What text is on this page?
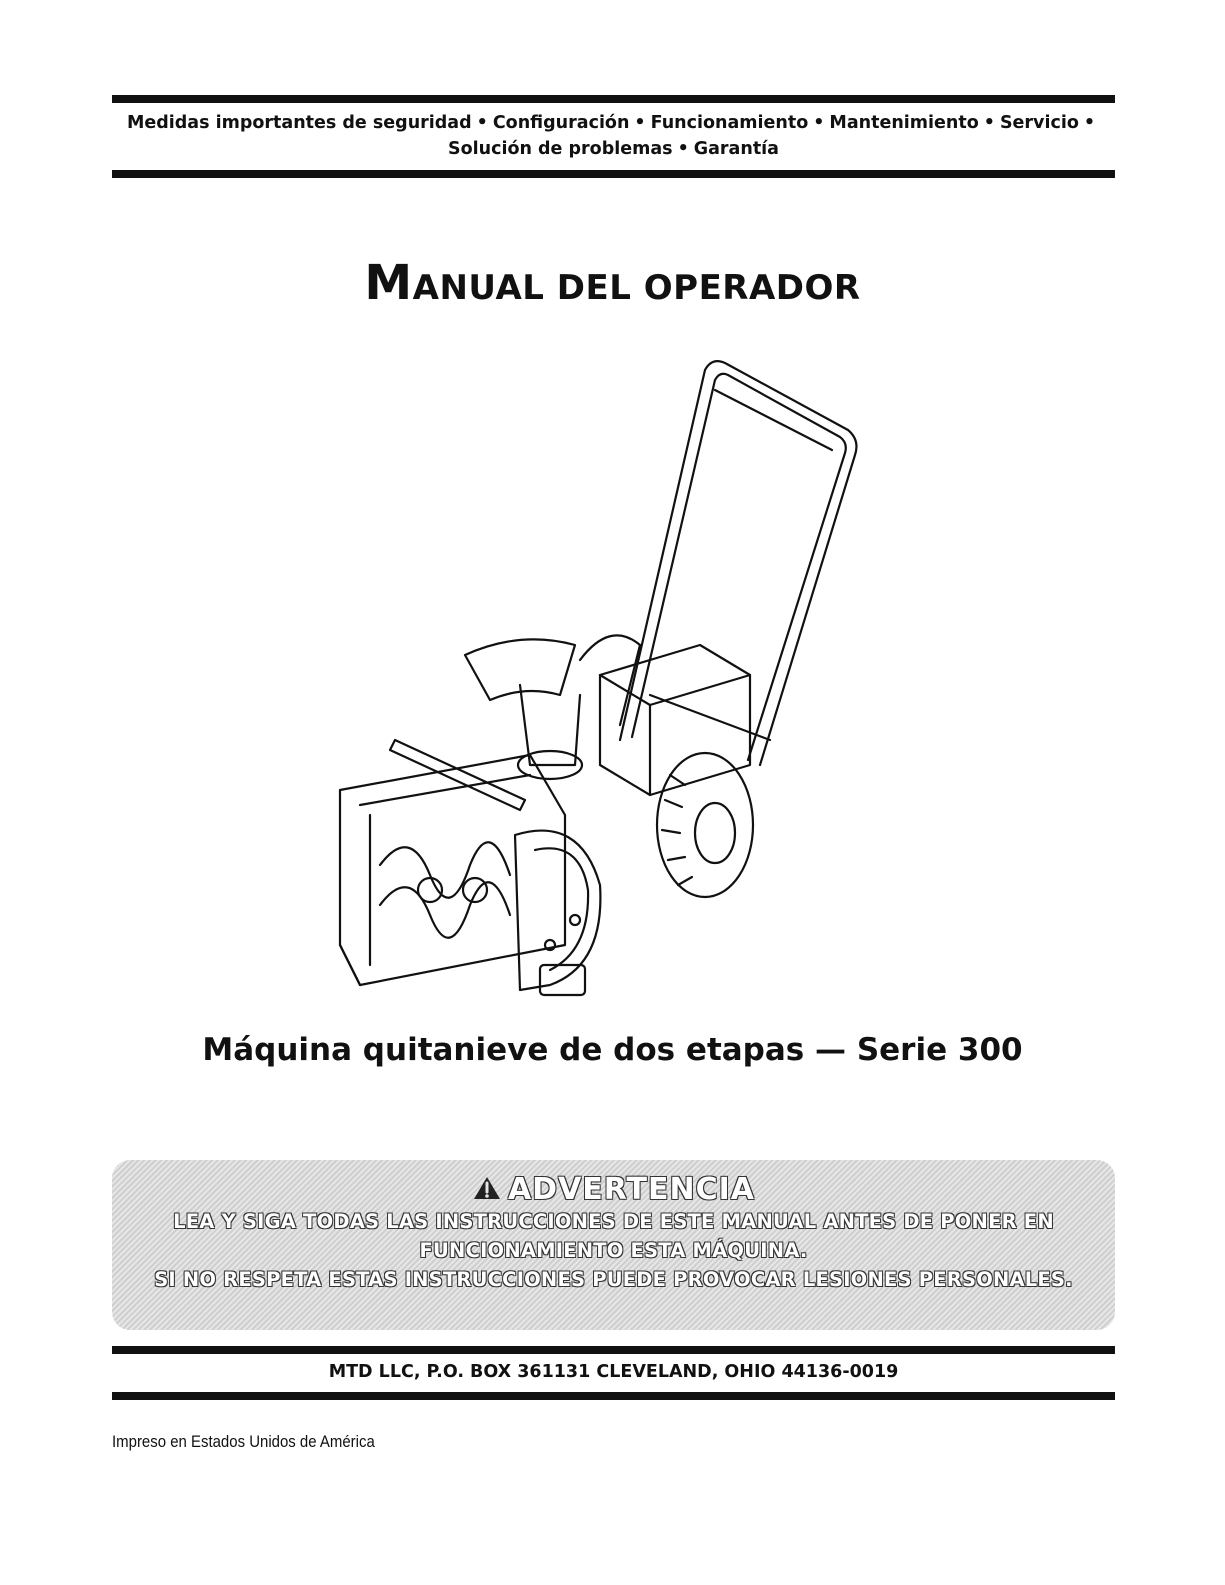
Medidas importantes de seguridad • Configuración • Funcionamiento • Mantenimiento • Servicio •
Solución de problemas • Garantía
MANUAL DEL OPERADOR
Máquina quitanieve de dos etapas — Serie 300
ADVERTENCIA
LEA Y SIGA TODAS LAS INSTRUCCIONES DE ESTE MANUAL ANTES DE PONER EN
FUNCIONAMIENTO ESTA MÁQUINA.
SI NO RESPETA ESTAS INSTRUCCIONES PUEDE PROVOCAR LESIONES PERSONALES.
MTD LLC, P.O. BOX 361131 CLEVELAND, OHIO 44136-0019
Impreso en Estados Unidos de América
